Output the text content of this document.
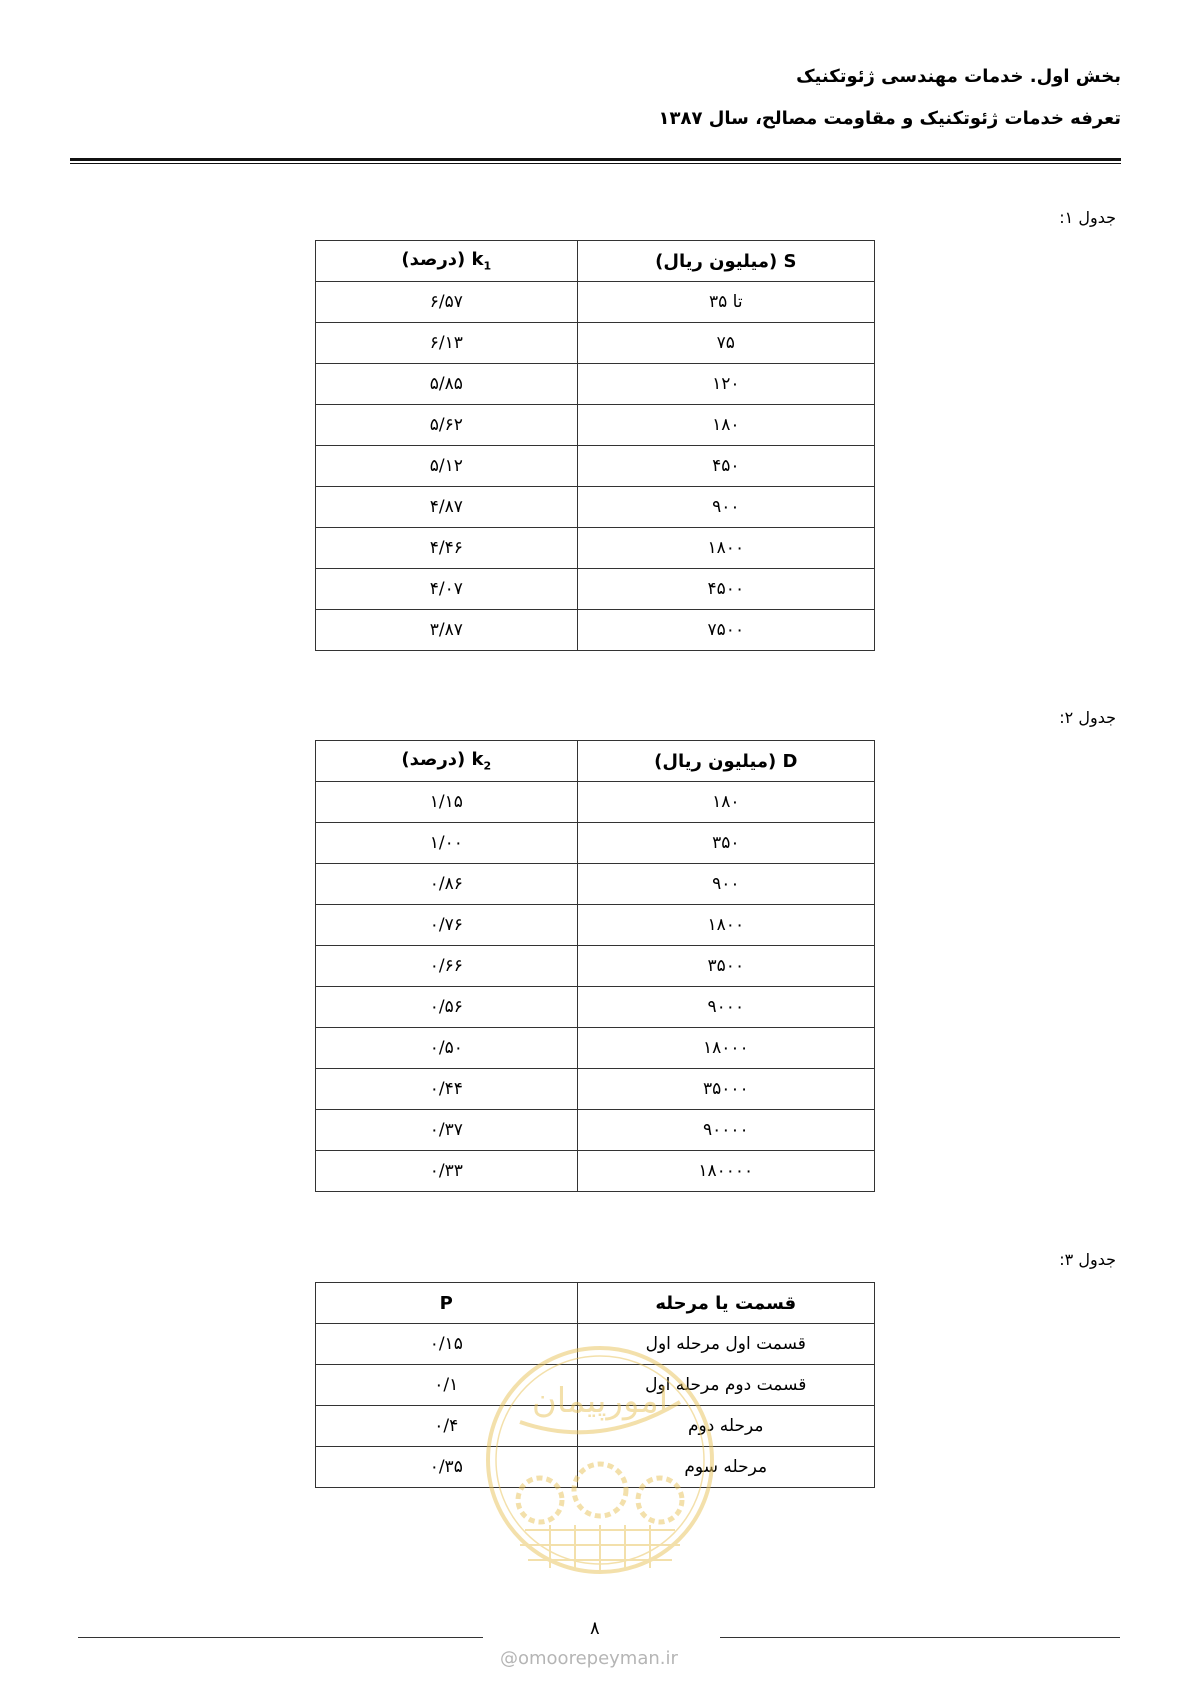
بخش اول. خدمات مهندسی ژئوتکنیک
تعرفه خدمات ژئوتکنیک و مقاومت مصالح، سال ۱۳۸۷
جدول ۱:
S (میلیون ریال)	$k_1$ (درصد)
تا ۳۵	۶/۵۷
۷۵	۶/۱۳
۱۲۰	۵/۸۵
۱۸۰	۵/۶۲
۴۵۰	۵/۱۲
۹۰۰	۴/۸۷
۱۸۰۰	۴/۴۶
۴۵۰۰	۴/۰۷
۷۵۰۰	۳/۸۷
جدول ۲:
D (میلیون ریال)	$k_2$ (درصد)
۱۸۰	۱/۱۵
۳۵۰	۱/۰۰
۹۰۰	۰/۸۶
۱۸۰۰	۰/۷۶
۳۵۰۰	۰/۶۶
۹۰۰۰	۰/۵۶
۱۸۰۰۰	۰/۵۰
۳۵۰۰۰	۰/۴۴
۹۰۰۰۰	۰/۳۷
۱۸۰۰۰۰	۰/۳۳
جدول ۳:
قسمت یا مرحله	P
قسمت اول مرحله اول	۰/۱۵
قسمت دوم مرحله اول	۰/۱
مرحله دوم	۰/۴
مرحله سوم	۰/۳۵
امورپیمان
۸
@omoorepeyman.ir
